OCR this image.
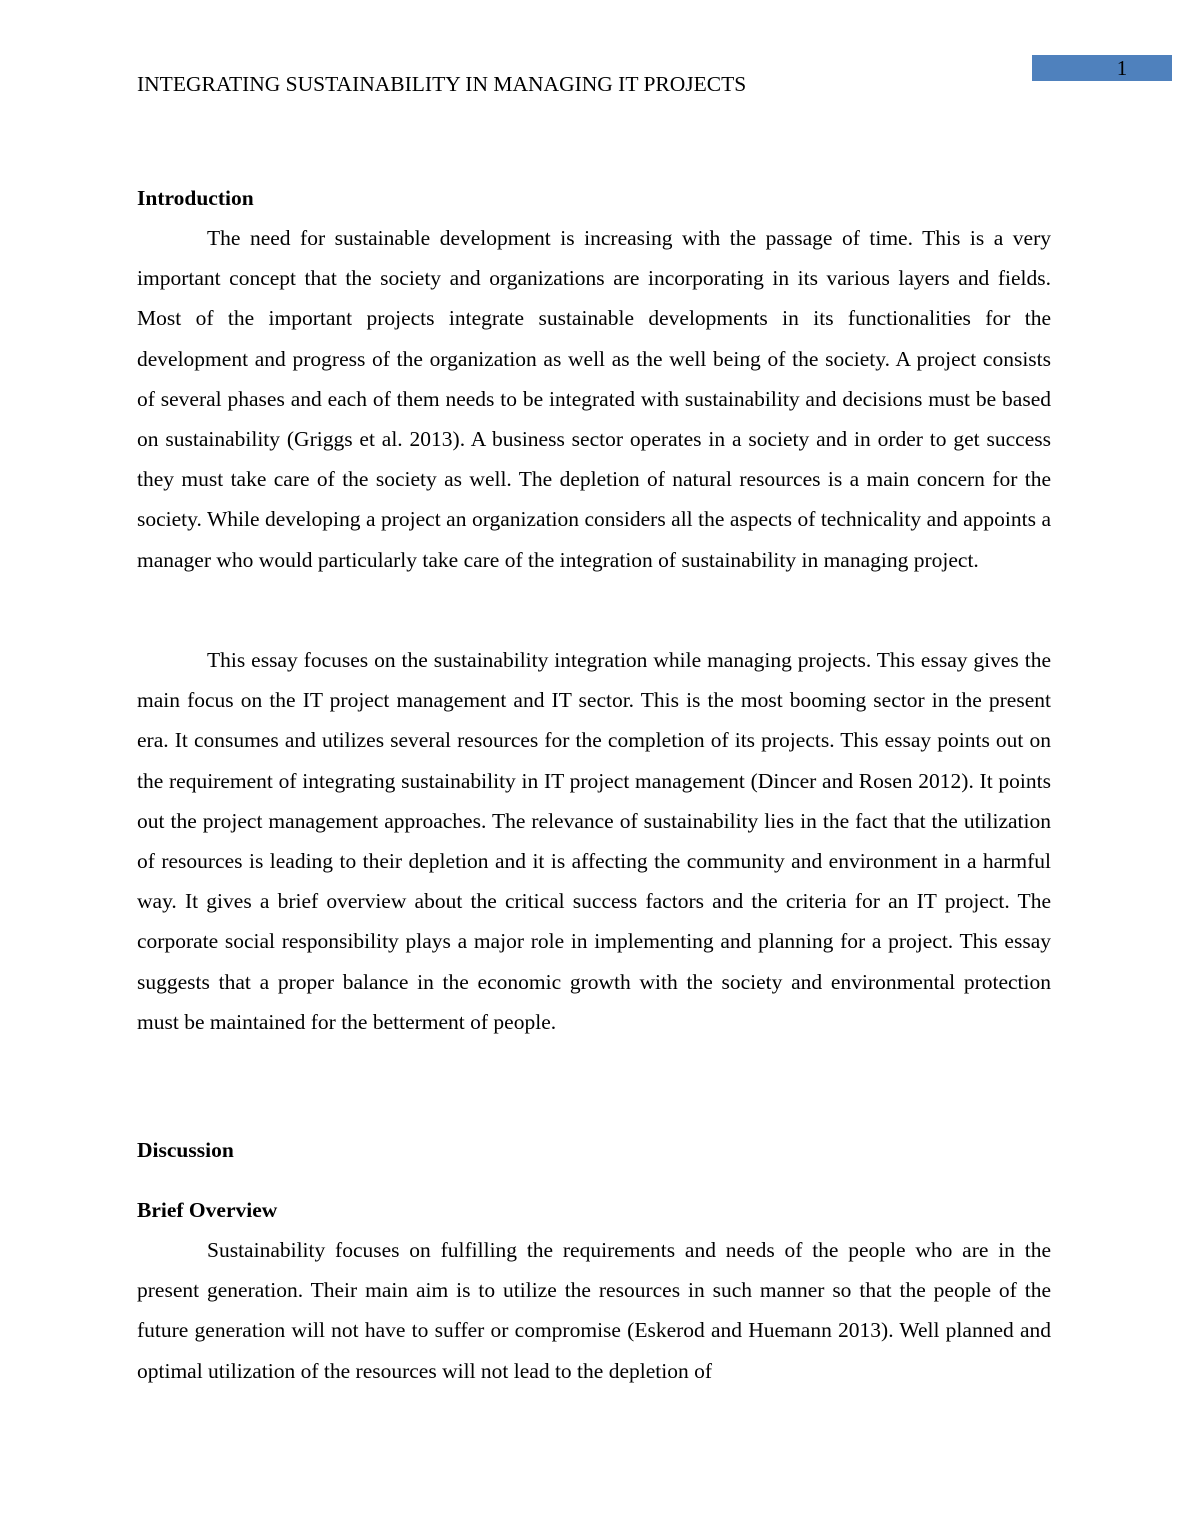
1
INTEGRATING SUSTAINABILITY IN MANAGING IT PROJECTS
Introduction

The need for sustainable development is increasing with the passage of time. This is a very important concept that the society and organizations are incorporating in its various layers and fields. Most of the important projects integrate sustainable developments in its functionalities for the development and progress of the organization as well as the well being of the society. A project consists of several phases and each of them needs to be integrated with sustainability and decisions must be based on sustainability (Griggs et al. 2013). A business sector operates in a society and in order to get success they must take care of the society as well. The depletion of natural resources is a main concern for the society. While developing a project an organization considers all the aspects of technicality and appoints a manager who would particularly take care of the integration of sustainability in managing project.

This essay focuses on the sustainability integration while managing projects. This essay gives the main focus on the IT project management and IT sector. This is the most booming sector in the present era. It consumes and utilizes several resources for the completion of its projects. This essay points out on the requirement of integrating sustainability in IT project management (Dincer and Rosen 2012). It points out the project management approaches. The relevance of sustainability lies in the fact that the utilization of resources is leading to their depletion and it is affecting the community and environment in a harmful way. It gives a brief overview about the critical success factors and the criteria for an IT project. The corporate social responsibility plays a major role in implementing and planning for a project. This essay suggests that a proper balance in the economic growth with the society and environmental protection must be maintained for the betterment of people.

Discussion
Brief Overview

Sustainability focuses on fulfilling the requirements and needs of the people who are in the present generation. Their main aim is to utilize the resources in such manner so that the people of the future generation will not have to suffer or compromise (Eskerod and Huemann 2013). Well planned and optimal utilization of the resources will not lead to the depletion of
